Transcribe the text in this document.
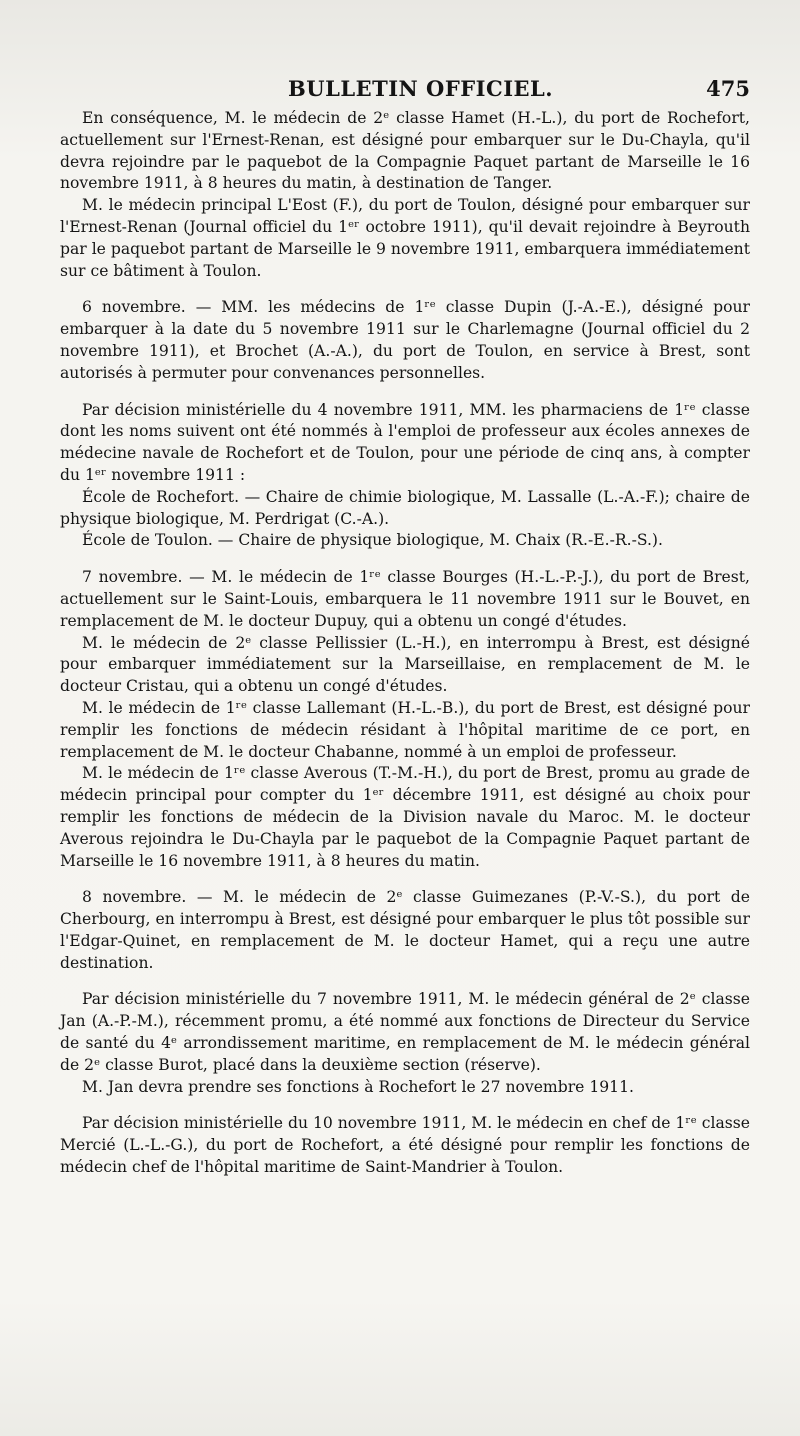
BULLETIN OFFICIEL.	475

En conséquence, M. le médecin de 2ᵉ classe Hamet (H.-L.), du port de Rochefort, actuellement sur l'Ernest-Renan, est désigné pour embarquer sur le Du-Chayla, qu'il devra rejoindre par le paquebot de la Compagnie Paquet partant de Marseille le 16 novembre 1911, à 8 heures du matin, à destination de Tanger.

M. le médecin principal L'Eost (F.), du port de Toulon, désigné pour embarquer sur l'Ernest-Renan (Journal officiel du 1ᵉʳ octobre 1911), qu'il devait rejoindre à Beyrouth par le paquebot partant de Marseille le 9 novembre 1911, embarquera immédiatement sur ce bâtiment à Toulon.

6 novembre. — MM. les médecins de 1ʳᵉ classe Dupin (J.-A.-E.), désigné pour embarquer à la date du 5 novembre 1911 sur le Charlemagne (Journal officiel du 2 novembre 1911), et Brochet (A.-A.), du port de Toulon, en service à Brest, sont autorisés à permuter pour convenances personnelles.

Par décision ministérielle du 4 novembre 1911, MM. les pharmaciens de 1ʳᵉ classe dont les noms suivent ont été nommés à l'emploi de professeur aux écoles annexes de médecine navale de Rochefort et de Toulon, pour une période de cinq ans, à compter du 1ᵉʳ novembre 1911 :

École de Rochefort. — Chaire de chimie biologique, M. Lassalle (L.-A.-F.); chaire de physique biologique, M. Perdrigat (C.-A.).

École de Toulon. — Chaire de physique biologique, M. Chaix (R.-E.-R.-S.).

7 novembre. — M. le médecin de 1ʳᵉ classe Bourges (H.-L.-P.-J.), du port de Brest, actuellement sur le Saint-Louis, embarquera le 11 novembre 1911 sur le Bouvet, en remplacement de M. le docteur Dupuy, qui a obtenu un congé d'études.

M. le médecin de 2ᵉ classe Pellissier (L.-H.), en interrompu à Brest, est désigné pour embarquer immédiatement sur la Marseillaise, en remplacement de M. le docteur Cristau, qui a obtenu un congé d'études.

M. le médecin de 1ʳᵉ classe Lallemant (H.-L.-B.), du port de Brest, est désigné pour remplir les fonctions de médecin résidant à l'hôpital maritime de ce port, en remplacement de M. le docteur Chabanne, nommé à un emploi de professeur.

M. le médecin de 1ʳᵉ classe Averous (T.-M.-H.), du port de Brest, promu au grade de médecin principal pour compter du 1ᵉʳ décembre 1911, est désigné au choix pour remplir les fonctions de médecin de la Division navale du Maroc. M. le docteur Averous rejoindra le Du-Chayla par le paquebot de la Compagnie Paquet partant de Marseille le 16 novembre 1911, à 8 heures du matin.

8 novembre. — M. le médecin de 2ᵉ classe Guimezanes (P.-V.-S.), du port de Cherbourg, en interrompu à Brest, est désigné pour embarquer le plus tôt possible sur l'Edgar-Quinet, en remplacement de M. le docteur Hamet, qui a reçu une autre destination.

Par décision ministérielle du 7 novembre 1911, M. le médecin général de 2ᵉ classe Jan (A.-P.-M.), récemment promu, a été nommé aux fonctions de Directeur du Service de santé du 4ᵉ arrondissement maritime, en remplacement de M. le médecin général de 2ᵉ classe Burot, placé dans la deuxième section (réserve).

M. Jan devra prendre ses fonctions à Rochefort le 27 novembre 1911.

Par décision ministérielle du 10 novembre 1911, M. le médecin en chef de 1ʳᵉ classe Mercié (L.-L.-G.), du port de Rochefort, a été désigné pour remplir les fonctions de médecin chef de l'hôpital maritime de Saint-Mandrier à Toulon.
